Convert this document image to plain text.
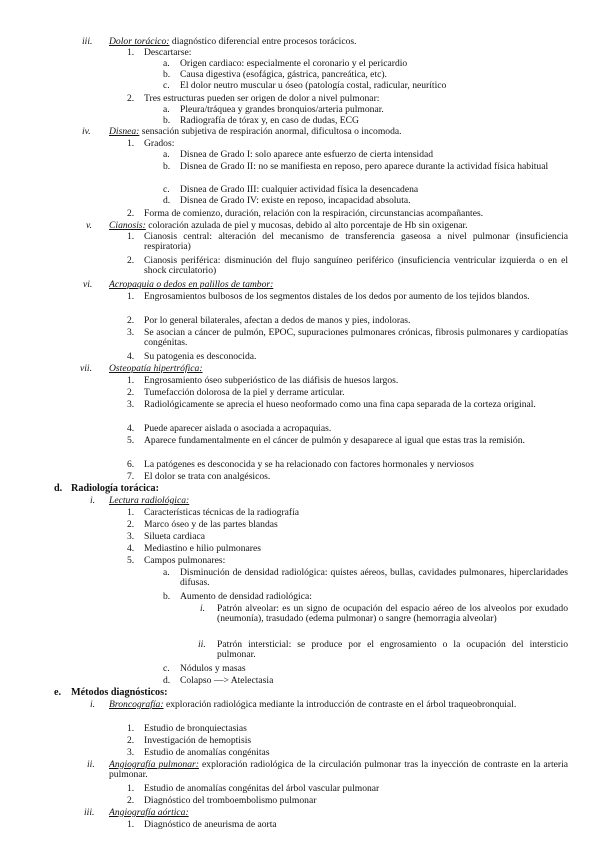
iii. Dolor torácico: diagnóstico diferencial entre procesos torácicos.
1. Descartarse:
a. Origen cardiaco: especialmente el coronario y el pericardio
b. Causa digestiva (esofágica, gástrica, pancreática, etc).
c. El dolor neutro muscular u óseo (patología costal, radicular, neurítico
2. Tres estructuras pueden ser origen de dolor a nivel pulmonar:
a. Pleura/tráquea y grandes bronquios/arteria pulmonar.
b. Radiografía de tórax y, en caso de dudas, ECG
iv. Disnea: sensación subjetiva de respiración anormal, dificultosa o incomoda.
1. Grados:
a. Disnea de Grado I: solo aparece ante esfuerzo de cierta intensidad
b. Disnea de Grado II: no se manifiesta en reposo, pero aparece durante la actividad física habitual
c. Disnea de Grado III: cualquier actividad física la desencadena
d. Disnea de Grado IV: existe en reposo, incapacidad absoluta.
2. Forma de comienzo, duración, relación con la respiración, circunstancias acompañantes.
v. Cianosis: coloración azulada de piel y mucosas, debido al alto porcentaje de Hb sin oxigenar.
1. Cianosis central: alteración del mecanismo de transferencia gaseosa a nivel pulmonar (insuficiencia respiratoria)
2. Cianosis periférica: disminución del flujo sanguíneo periférico (insuficiencia ventricular izquierda o en el shock circulatorio)
vi. Acropaquia o dedos en palillos de tambor:
1. Engrosamientos bulbosos de los segmentos distales de los dedos por aumento de los tejidos blandos.
2. Por lo general bilaterales, afectan a dedos de manos y pies, indoloras.
3. Se asocian a cáncer de pulmón, EPOC, supuraciones pulmonares crónicas, fibrosis pulmonares y cardiopatías congénitas.
4. Su patogenia es desconocida.
vii. Osteopatía hipertrófica:
1. Engrosamiento óseo subperióstico de las diáfisis de huesos largos.
2. Tumefacción dolorosa de la piel y derrame articular.
3. Radiológicamente se aprecia el hueso neoformado como una fina capa separada de la corteza original.
4. Puede aparecer aislada o asociada a acropaquias.
5. Aparece fundamentalmente en el cáncer de pulmón y desaparece al igual que estas tras la remisión.
6. La patógenes es desconocida y se ha relacionado con factores hormonales y nerviosos
7. El dolor se trata con analgésicos.
d. Radiología torácica:
i. Lectura radiológica:
1. Características técnicas de la radiografía
2. Marco óseo y de las partes blandas
3. Silueta cardiaca
4. Mediastino e hilio pulmonares
5. Campos pulmonares:
a. Disminución de densidad radiológica: quistes aéreos, bullas, cavidades pulmonares, hiperclaridades difusas.
b. Aumento de densidad radiológica:
i. Patrón alveolar: es un signo de ocupación del espacio aéreo de los alveolos por exudado (neumonía), trasudado (edema pulmonar) o sangre (hemorragia alveolar)
ii. Patrón intersticial: se produce por el engrosamiento o la ocupación del intersticio pulmonar.
c. Nódulos y masas
d. Colapso —> Atelectasia
e. Métodos diagnósticos:
i. Broncografía: exploración radiológica mediante la introducción de contraste en el árbol traqueobronquial.
1. Estudio de bronquiectasias
2. Investigación de hemoptisis
3. Estudio de anomalías congénitas
ii. Angiografía pulmonar: exploración radiológica de la circulación pulmonar tras la inyección de contraste en la arteria pulmonar.
1. Estudio de anomalías congénitas del árbol vascular pulmonar
2. Diagnóstico del tromboembolismo pulmonar
iii. Angiografía aórtica:
1. Diagnóstico de aneurisma de aorta
